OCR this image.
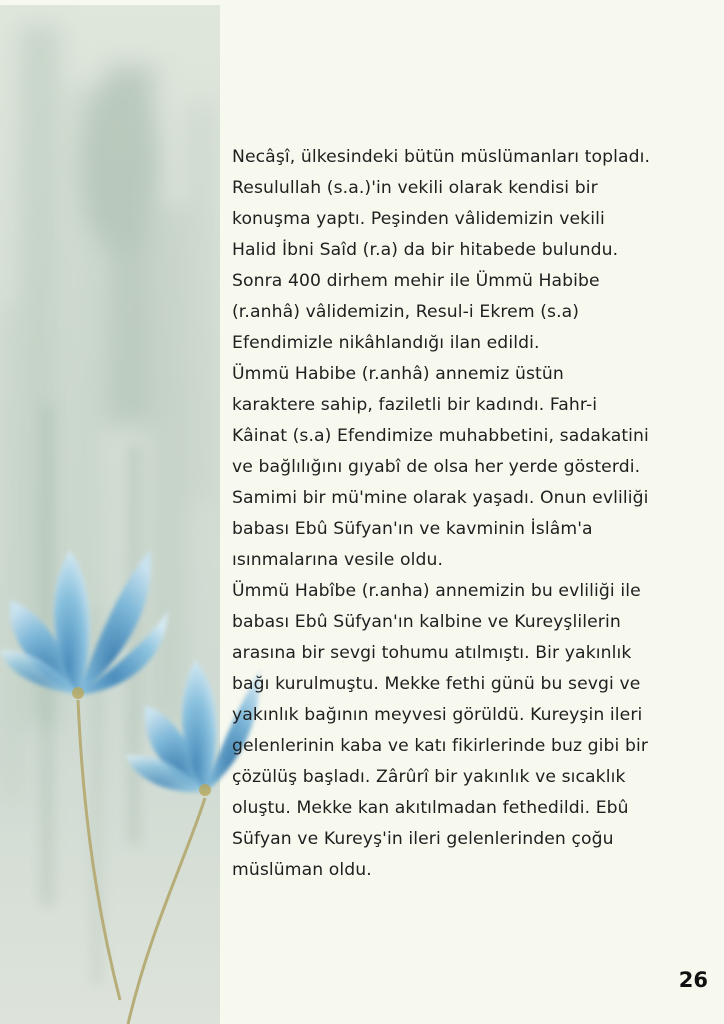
Necâşî, ülkesindeki bütün müslümanları topladı.
Resulullah (s.a.)'in vekili olarak kendisi bir
konuşma yaptı. Peşinden vâlidemizin vekili
Halid İbni Saîd (r.a) da bir hitabede bulundu.
Sonra 400 dirhem mehir ile Ümmü Habibe
(r.anhâ) vâlidemizin, Resul-i Ekrem (s.a)
Efendimizle nikâhlandığı ilan edildi.
Ümmü Habibe (r.anhâ) annemiz üstün
karaktere sahip, faziletli bir kadındı. Fahr-i
Kâinat (s.a) Efendimize muhabbetini, sadakatini
ve bağlılığını gıyabî de olsa her yerde gösterdi.
Samimi bir mü'mine olarak yaşadı. Onun evliliği
babası Ebû Süfyan'ın ve kavminin İslâm'a
ısınmalarına vesile oldu.
Ümmü Habîbe (r.anha) annemizin bu evliliği ile
babası Ebû Süfyan'ın kalbine ve Kureyşlilerin
arasına bir sevgi tohumu atılmıştı. Bir yakınlık
bağı kurulmuştu. Mekke fethi günü bu sevgi ve
yakınlık bağının meyvesi görüldü. Kureyşin ileri
gelenlerinin kaba ve katı fikirlerinde buz gibi bir
çözülüş başladı. Zârûrî bir yakınlık ve sıcaklık
oluştu. Mekke kan akıtılmadan fethedildi. Ebû
Süfyan ve Kureyş'in ileri gelenlerinden çoğu
müslüman oldu.

26
